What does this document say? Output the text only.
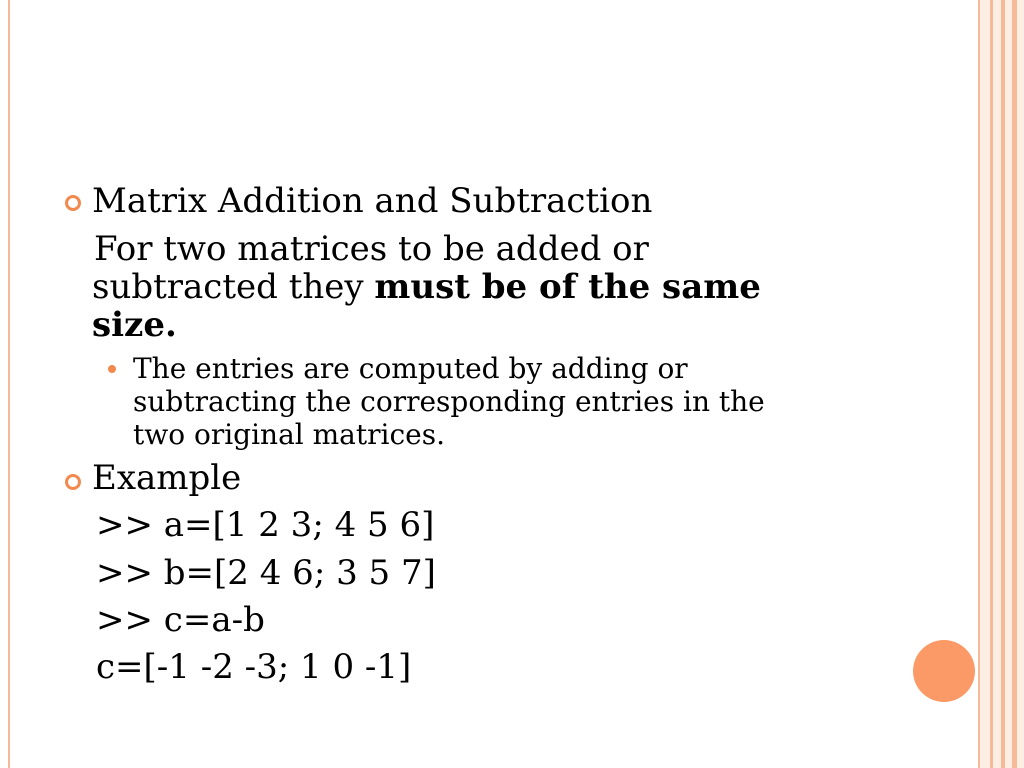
Matrix Addition and Subtraction
For two matrices to be added or
subtracted they must be of the same
size.
The entries are computed by adding or
subtracting the corresponding entries in the
two original matrices.
Example
>> a=[1 2 3; 4 5 6]
>> b=[2 4 6; 3 5 7]
>> c=a-b
c=[-1 -2 -3; 1 0 -1]
